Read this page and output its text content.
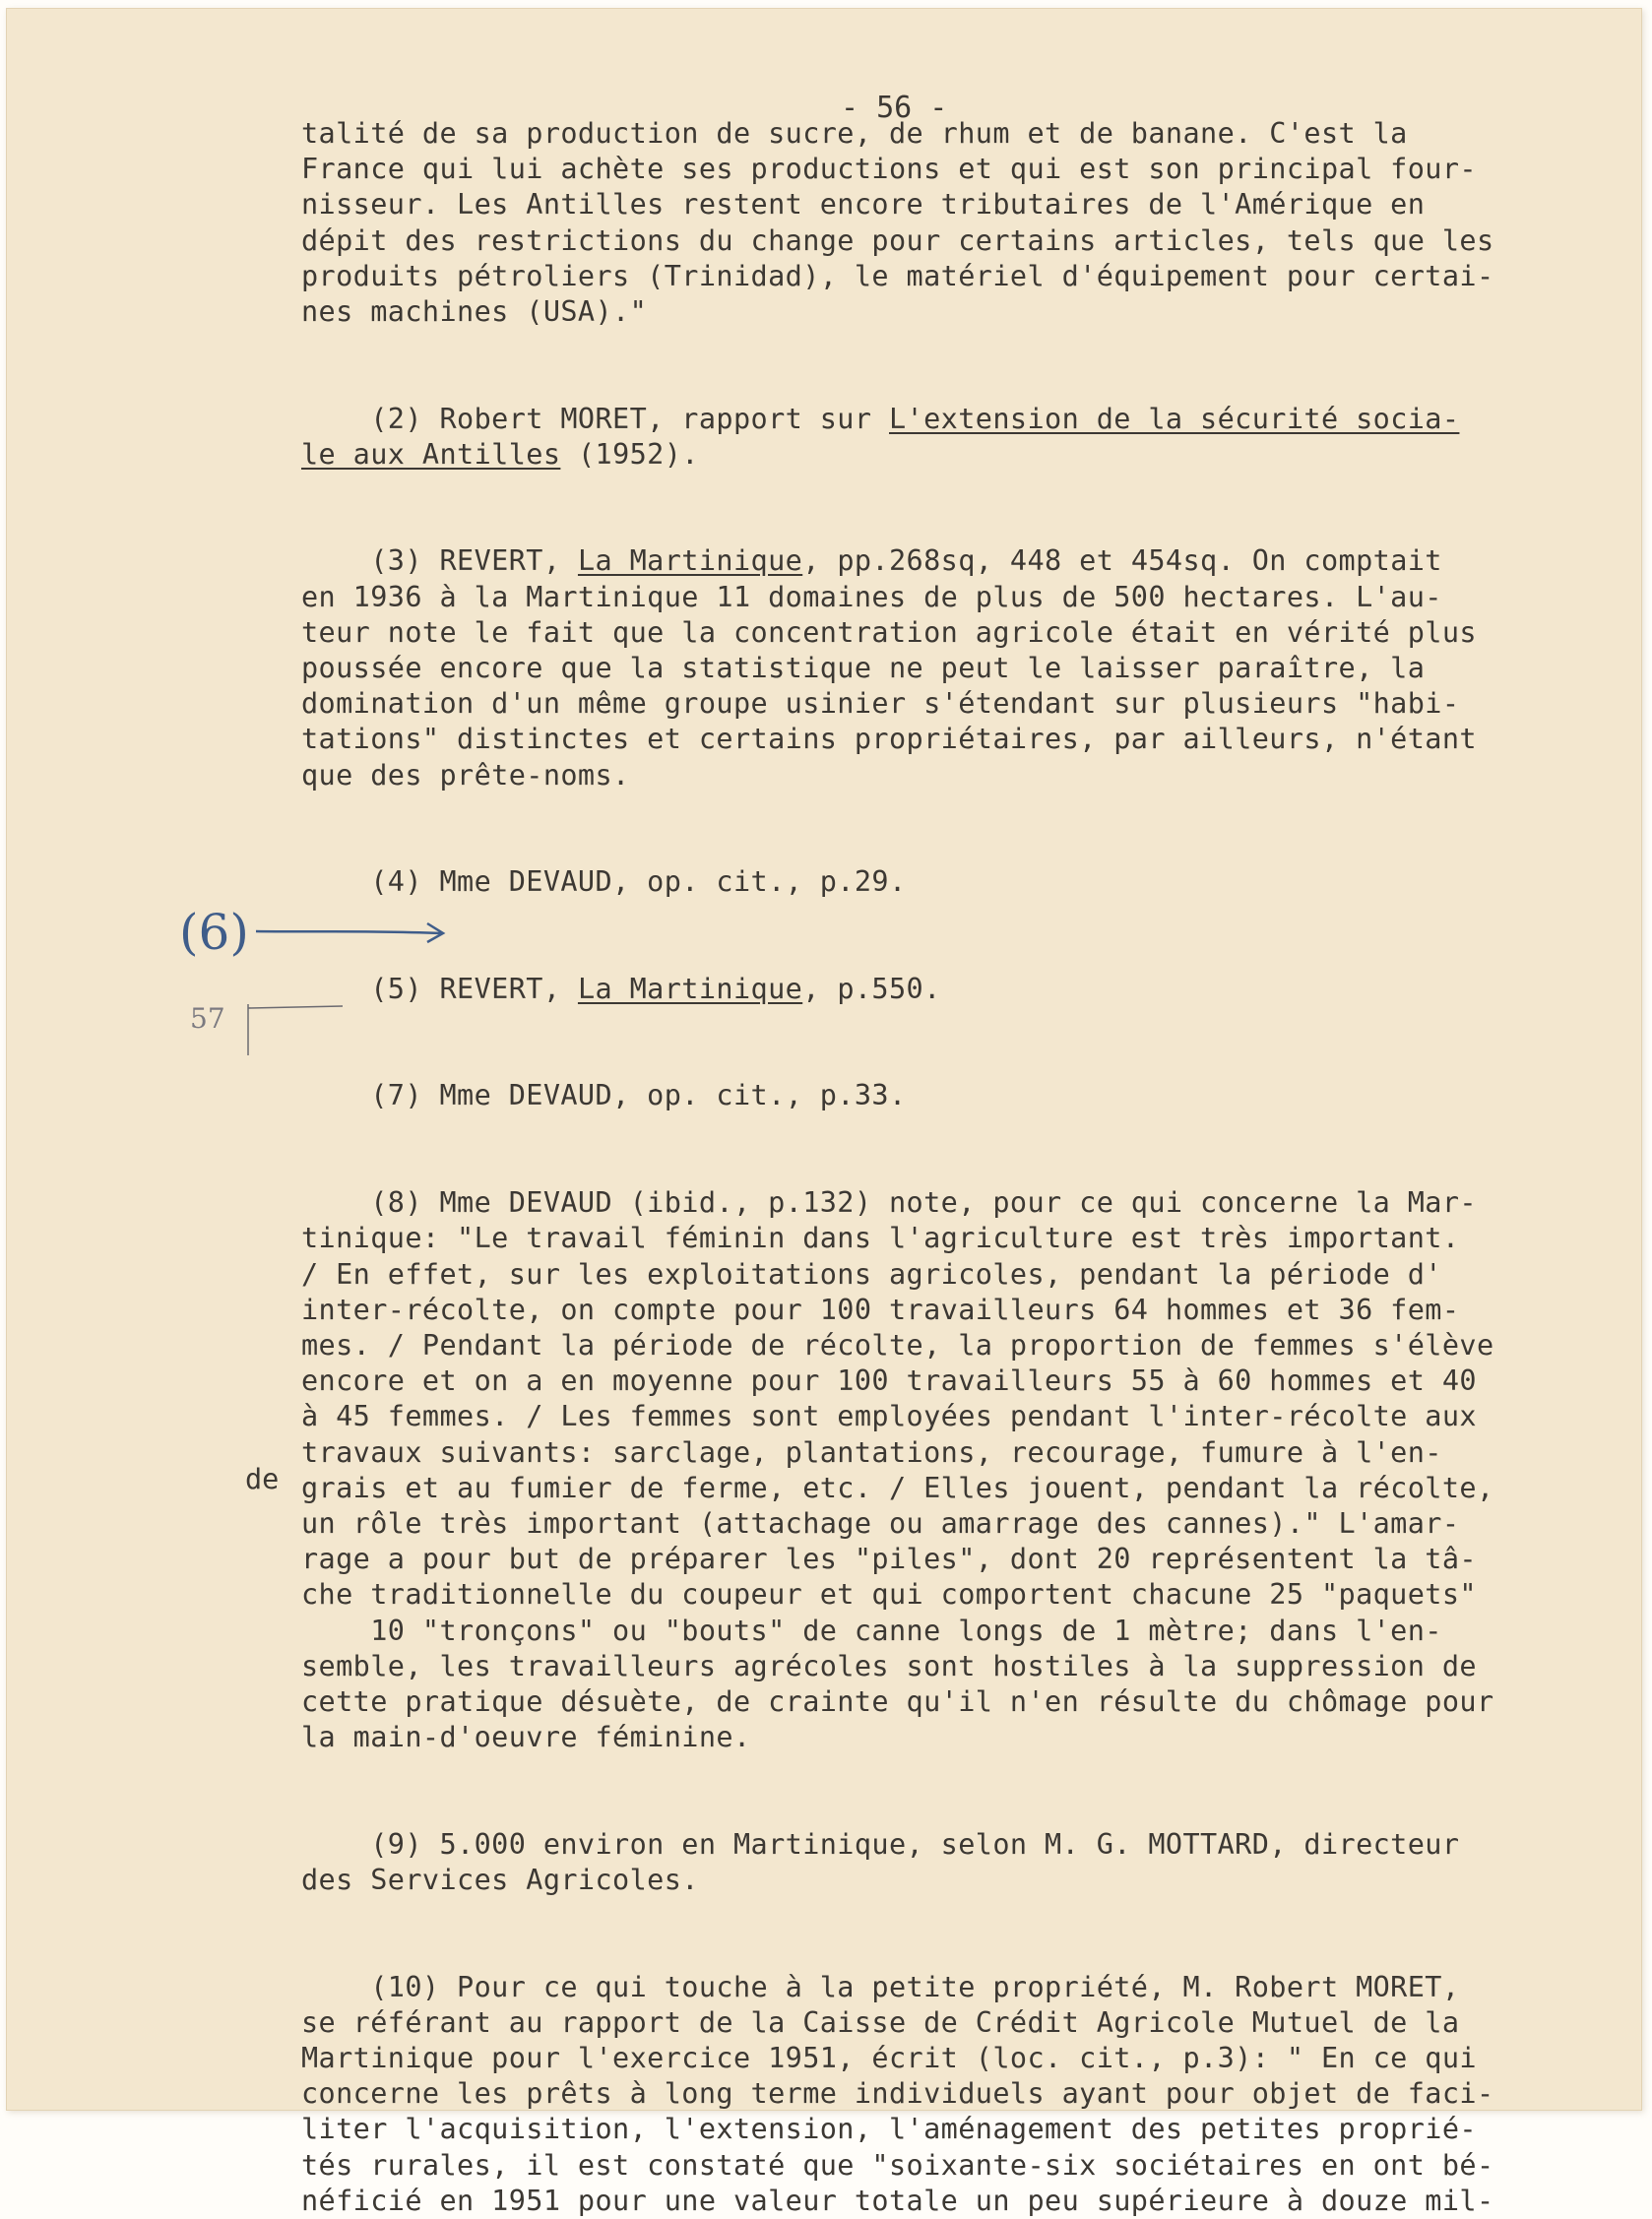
- 56 -
talité de sa production de sucre, de rhum et de banane. C'est la
France qui lui achète ses productions et qui est son principal four-
nisseur. Les Antilles restent encore tributaires de l'Amérique en
dépit des restrictions du change pour certains articles, tels que les
produits pétroliers (Trinidad), le matériel d'équipement pour certai-
nes machines (USA)."

(2) Robert MORET, rapport sur L'extension de la sécurité socia-
le aux Antilles (1952).

(3) REVERT, La Martinique, pp.268sq, 448 et 454sq. On comptait
en 1936 à la Martinique 11 domaines de plus de 500 hectares. L'au-
teur note le fait que la concentration agricole était en vérité plus
poussée encore que la statistique ne peut le laisser paraître, la
domination d'un même groupe usinier s'étendant sur plusieurs "habi-
tations" distinctes et certains propriétaires, par ailleurs, n'étant
que des prête-noms.

(4) Mme DEVAUD, op. cit., p.29.

(5) REVERT, La Martinique, p.550.

(7) Mme DEVAUD, op. cit., p.33.

(8) Mme DEVAUD (ibid., p.132) note, pour ce qui concerne la Mar-
tinique: "Le travail féminin dans l'agriculture est très important.
/ En effet, sur les exploitations agricoles, pendant la période d'
inter-récolte, on compte pour 100 travailleurs 64 hommes et 36 fem-
mes. / Pendant la période de récolte, la proportion de femmes s'élève
encore et on a en moyenne pour 100 travailleurs 55 à 60 hommes et 40
à 45 femmes. / Les femmes sont employées pendant l'inter-récolte aux
travaux suivants: sarclage, plantations, recourage, fumure à l'en-
grais et au fumier de ferme, etc. / Elles jouent, pendant la récolte,
un rôle très important (attachage ou amarrage des cannes)." L'amar-
rage a pour but de préparer les "piles", dont 20 représentent la tâ-
che traditionnelle du coupeur et qui comportent chacune 25 "paquets"
10 "tronçons" ou "bouts" de canne longs de 1 mètre; dans l'en-
semble, les travailleurs agrécoles sont hostiles à la suppression de
cette pratique désuète, de crainte qu'il n'en résulte du chômage pour
la main-d'oeuvre féminine.

(9) 5.000 environ en Martinique, selon M. G. MOTTARD, directeur
des Services Agricoles.

(10) Pour ce qui touche à la petite propriété, M. Robert MORET,
se référant au rapport de la Caisse de Crédit Agricole Mutuel de la
Martinique pour l'exercice 1951, écrit (loc. cit., p.3): " En ce qui
concerne les prêts à long terme individuels ayant pour objet de faci-
liter l'acquisition, l'extension, l'aménagement des petites proprié-
tés rurales, il est constaté que "soixante-six sociétaires en ont bé-
néficié en 1951 pour une valeur totale un peu supérieure à douze mil-
(6)
57
de
